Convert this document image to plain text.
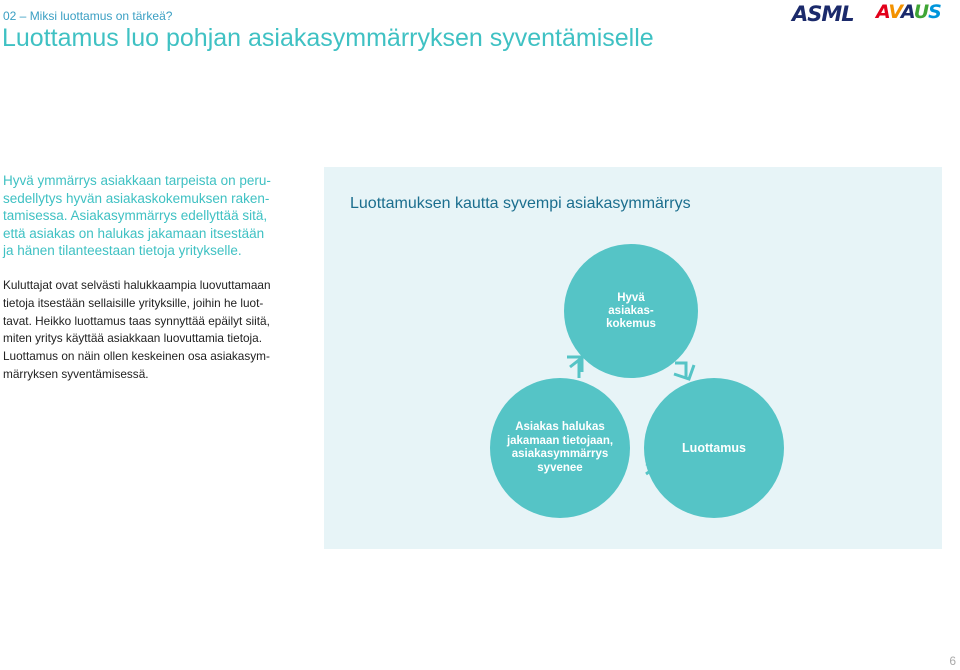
02 – Miksi luottamus on tärkeä?
Luottamus luo pohjan asiakasymmärryksen syventämiselle
ASML AVAUS
Hyvä ymmärrys asiakkaan tarpeista on peru-
sedellytys hyvän asiakaskokemuksen raken-
tamisessa. Asiakasymmärrys edellyttää sitä,
että asiakas on halukas jakamaan itsestään
ja hänen tilanteestaan tietoja yritykselle.
Kuluttajat ovat selvästi halukkaampia luovuttamaan
tietoja itsestään sellaisille yrityksille, joihin he luot-
tavat. Heikko luottamus taas synnyttää epäilyt siitä,
miten yritys käyttää asiakkaan luovuttamia tietoja.
Luottamus on näin ollen keskeinen osa asiakasym-
märryksen syventämisessä.
Luottamuksen kautta syvempi asiakasymmärrys
Hyvä
asiakas-
kokemus
Asiakas halukas
jakamaan tietojaan,
asiakasymmärrys
syvenee
Luottamus
6
